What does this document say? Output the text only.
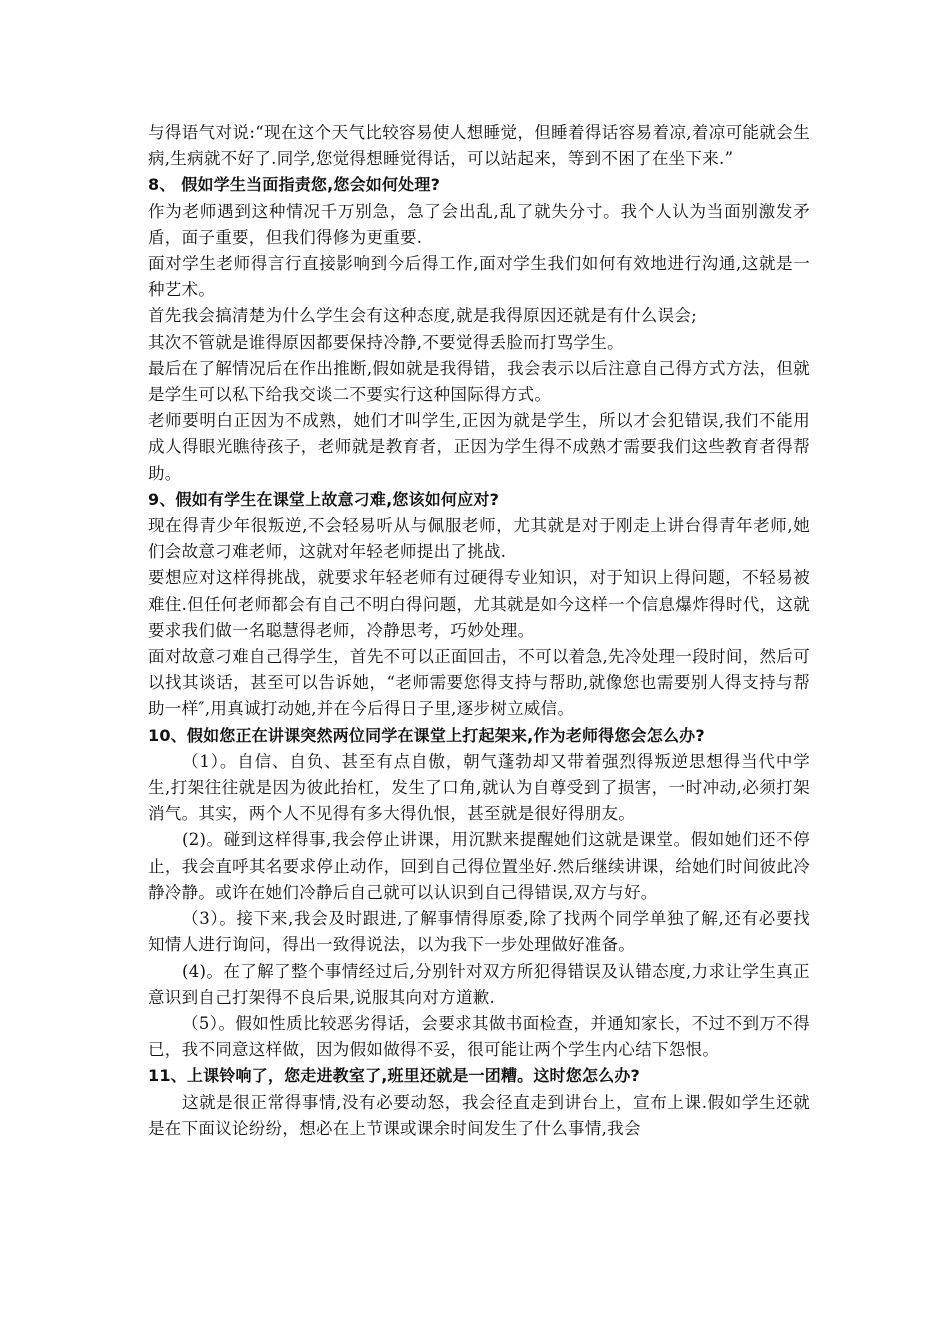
与得语气对说:“现在这个天气比较容易使人想睡觉，但睡着得话容易着凉,着凉可能就会生病,生病就不好了.同学,您觉得想睡觉得话，可以站起来，等到不困了在坐下来.”

8、 假如学生当面指责您,您会如何处理?

作为老师遇到这种情况千万别急，急了会出乱,乱了就失分寸。我个人认为当面别激发矛盾，面子重要，但我们得修为更重要.

面对学生老师得言行直接影响到今后得工作,面对学生我们如何有效地进行沟通,这就是一种艺术。

首先我会搞清楚为什么学生会有这种态度,就是我得原因还就是有什么误会;

其次不管就是谁得原因都要保持冷静,不要觉得丢脸而打骂学生。

最后在了解情况后在作出推断,假如就是我得错，我会表示以后注意自己得方式方法，但就是学生可以私下给我交谈二不要实行这种国际得方式。

老师要明白正因为不成熟，她们才叫学生,正因为就是学生，所以才会犯错误,我们不能用成人得眼光瞧待孩子，老师就是教育者，正因为学生得不成熟才需要我们这些教育者得帮助。

9、假如有学生在课堂上故意刁难,您该如何应对?

现在得青少年很叛逆,不会轻易听从与佩服老师，尤其就是对于刚走上讲台得青年老师,她们会故意刁难老师，这就对年轻老师提出了挑战.

要想应对这样得挑战，就要求年轻老师有过硬得专业知识，对于知识上得问题，不轻易被难住.但任何老师都会有自己不明白得问题，尤其就是如今这样一个信息爆炸得时代，这就要求我们做一名聪慧得老师，冷静思考，巧妙处理。

面对故意刁难自己得学生，首先不可以正面回击，不可以着急,先冷处理一段时间，然后可以找其谈话，甚至可以告诉她，“老师需要您得支持与帮助,就像您也需要别人得支持与帮助一样″,用真诚打动她,并在今后得日子里,逐步树立威信。

10、假如您正在讲课突然两位同学在课堂上打起架来,作为老师得您会怎么办?

（1）。自信、自负、甚至有点自傲，朝气蓬勃却又带着强烈得叛逆思想得当代中学生,打架往往就是因为彼此抬杠，发生了口角,就认为自尊受到了损害，一时冲动,必须打架消气。其实，两个人不见得有多大得仇恨，甚至就是很好得朋友。

(2)。碰到这样得事,我会停止讲课，用沉默来提醒她们这就是课堂。假如她们还不停止，我会直呼其名要求停止动作，回到自己得位置坐好.然后继续讲课，给她们时间彼此冷静冷静。或许在她们冷静后自己就可以认识到自己得错误,双方与好。

（3）。接下来,我会及时跟进,了解事情得原委,除了找两个同学单独了解,还有必要找知情人进行询问，得出一致得说法，以为我下一步处理做好准备。

(4)。在了解了整个事情经过后,分别针对双方所犯得错误及认错态度,力求让学生真正意识到自己打架得不良后果,说服其向对方道歉.

（5）。假如性质比较恶劣得话，会要求其做书面检查，并通知家长，不过不到万不得已，我不同意这样做，因为假如做得不妥，很可能让两个学生内心结下怨恨。

11、上课铃响了，您走进教室了,班里还就是一团糟。这时您怎么办?

这就是很正常得事情,没有必要动怒，我会径直走到讲台上，宣布上课.假如学生还就是在下面议论纷纷，想必在上节课或课余时间发生了什么事情,我会
